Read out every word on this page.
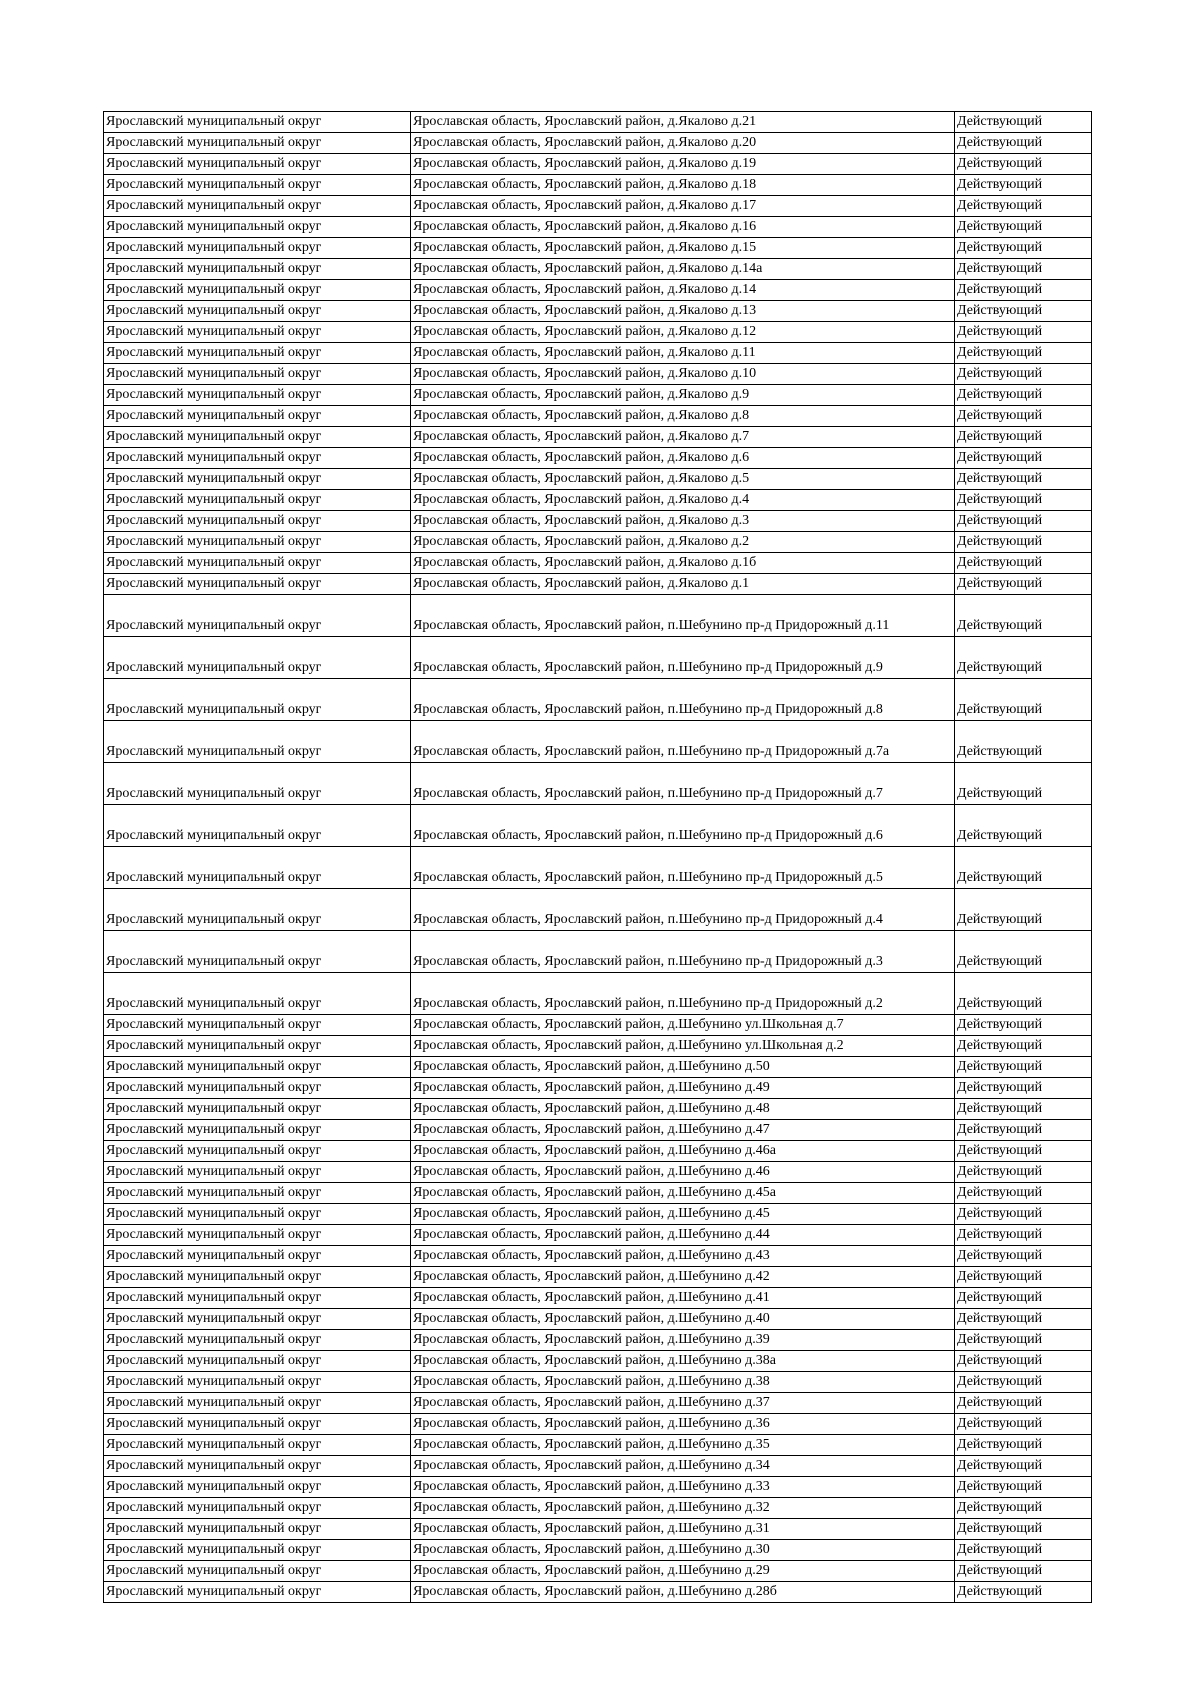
Ярославский муниципальный округ	Ярославская область, Ярославский район, д.Якалово д.21	Действующий
Ярославский муниципальный округ	Ярославская область, Ярославский район, д.Якалово д.20	Действующий
Ярославский муниципальный округ	Ярославская область, Ярославский район, д.Якалово д.19	Действующий
Ярославский муниципальный округ	Ярославская область, Ярославский район, д.Якалово д.18	Действующий
Ярославский муниципальный округ	Ярославская область, Ярославский район, д.Якалово д.17	Действующий
Ярославский муниципальный округ	Ярославская область, Ярославский район, д.Якалово д.16	Действующий
Ярославский муниципальный округ	Ярославская область, Ярославский район, д.Якалово д.15	Действующий
Ярославский муниципальный округ	Ярославская область, Ярославский район, д.Якалово д.14а	Действующий
Ярославский муниципальный округ	Ярославская область, Ярославский район, д.Якалово д.14	Действующий
Ярославский муниципальный округ	Ярославская область, Ярославский район, д.Якалово д.13	Действующий
Ярославский муниципальный округ	Ярославская область, Ярославский район, д.Якалово д.12	Действующий
Ярославский муниципальный округ	Ярославская область, Ярославский район, д.Якалово д.11	Действующий
Ярославский муниципальный округ	Ярославская область, Ярославский район, д.Якалово д.10	Действующий
Ярославский муниципальный округ	Ярославская область, Ярославский район, д.Якалово д.9	Действующий
Ярославский муниципальный округ	Ярославская область, Ярославский район, д.Якалово д.8	Действующий
Ярославский муниципальный округ	Ярославская область, Ярославский район, д.Якалово д.7	Действующий
Ярославский муниципальный округ	Ярославская область, Ярославский район, д.Якалово д.6	Действующий
Ярославский муниципальный округ	Ярославская область, Ярославский район, д.Якалово д.5	Действующий
Ярославский муниципальный округ	Ярославская область, Ярославский район, д.Якалово д.4	Действующий
Ярославский муниципальный округ	Ярославская область, Ярославский район, д.Якалово д.3	Действующий
Ярославский муниципальный округ	Ярославская область, Ярославский район, д.Якалово д.2	Действующий
Ярославский муниципальный округ	Ярославская область, Ярославский район, д.Якалово д.1б	Действующий
Ярославский муниципальный округ	Ярославская область, Ярославский район, д.Якалово д.1	Действующий
Ярославский муниципальный округ	Ярославская область, Ярославский район, п.Шебунино пр-д Придорожный д.11	Действующий
Ярославский муниципальный округ	Ярославская область, Ярославский район, п.Шебунино пр-д Придорожный д.9	Действующий
Ярославский муниципальный округ	Ярославская область, Ярославский район, п.Шебунино пр-д Придорожный д.8	Действующий
Ярославский муниципальный округ	Ярославская область, Ярославский район, п.Шебунино пр-д Придорожный д.7а	Действующий
Ярославский муниципальный округ	Ярославская область, Ярославский район, п.Шебунино пр-д Придорожный д.7	Действующий
Ярославский муниципальный округ	Ярославская область, Ярославский район, п.Шебунино пр-д Придорожный д.6	Действующий
Ярославский муниципальный округ	Ярославская область, Ярославский район, п.Шебунино пр-д Придорожный д.5	Действующий
Ярославский муниципальный округ	Ярославская область, Ярославский район, п.Шебунино пр-д Придорожный д.4	Действующий
Ярославский муниципальный округ	Ярославская область, Ярославский район, п.Шебунино пр-д Придорожный д.3	Действующий
Ярославский муниципальный округ	Ярославская область, Ярославский район, п.Шебунино пр-д Придорожный д.2	Действующий
Ярославский муниципальный округ	Ярославская область, Ярославский район, д.Шебунино ул.Школьная д.7	Действующий
Ярославский муниципальный округ	Ярославская область, Ярославский район, д.Шебунино ул.Школьная д.2	Действующий
Ярославский муниципальный округ	Ярославская область, Ярославский район, д.Шебунино д.50	Действующий
Ярославский муниципальный округ	Ярославская область, Ярославский район, д.Шебунино д.49	Действующий
Ярославский муниципальный округ	Ярославская область, Ярославский район, д.Шебунино д.48	Действующий
Ярославский муниципальный округ	Ярославская область, Ярославский район, д.Шебунино д.47	Действующий
Ярославский муниципальный округ	Ярославская область, Ярославский район, д.Шебунино д.46а	Действующий
Ярославский муниципальный округ	Ярославская область, Ярославский район, д.Шебунино д.46	Действующий
Ярославский муниципальный округ	Ярославская область, Ярославский район, д.Шебунино д.45а	Действующий
Ярославский муниципальный округ	Ярославская область, Ярославский район, д.Шебунино д.45	Действующий
Ярославский муниципальный округ	Ярославская область, Ярославский район, д.Шебунино д.44	Действующий
Ярославский муниципальный округ	Ярославская область, Ярославский район, д.Шебунино д.43	Действующий
Ярославский муниципальный округ	Ярославская область, Ярославский район, д.Шебунино д.42	Действующий
Ярославский муниципальный округ	Ярославская область, Ярославский район, д.Шебунино д.41	Действующий
Ярославский муниципальный округ	Ярославская область, Ярославский район, д.Шебунино д.40	Действующий
Ярославский муниципальный округ	Ярославская область, Ярославский район, д.Шебунино д.39	Действующий
Ярославский муниципальный округ	Ярославская область, Ярославский район, д.Шебунино д.38а	Действующий
Ярославский муниципальный округ	Ярославская область, Ярославский район, д.Шебунино д.38	Действующий
Ярославский муниципальный округ	Ярославская область, Ярославский район, д.Шебунино д.37	Действующий
Ярославский муниципальный округ	Ярославская область, Ярославский район, д.Шебунино д.36	Действующий
Ярославский муниципальный округ	Ярославская область, Ярославский район, д.Шебунино д.35	Действующий
Ярославский муниципальный округ	Ярославская область, Ярославский район, д.Шебунино д.34	Действующий
Ярославский муниципальный округ	Ярославская область, Ярославский район, д.Шебунино д.33	Действующий
Ярославский муниципальный округ	Ярославская область, Ярославский район, д.Шебунино д.32	Действующий
Ярославский муниципальный округ	Ярославская область, Ярославский район, д.Шебунино д.31	Действующий
Ярославский муниципальный округ	Ярославская область, Ярославский район, д.Шебунино д.30	Действующий
Ярославский муниципальный округ	Ярославская область, Ярославский район, д.Шебунино д.29	Действующий
Ярославский муниципальный округ	Ярославская область, Ярославский район, д.Шебунино д.28б	Действующий
